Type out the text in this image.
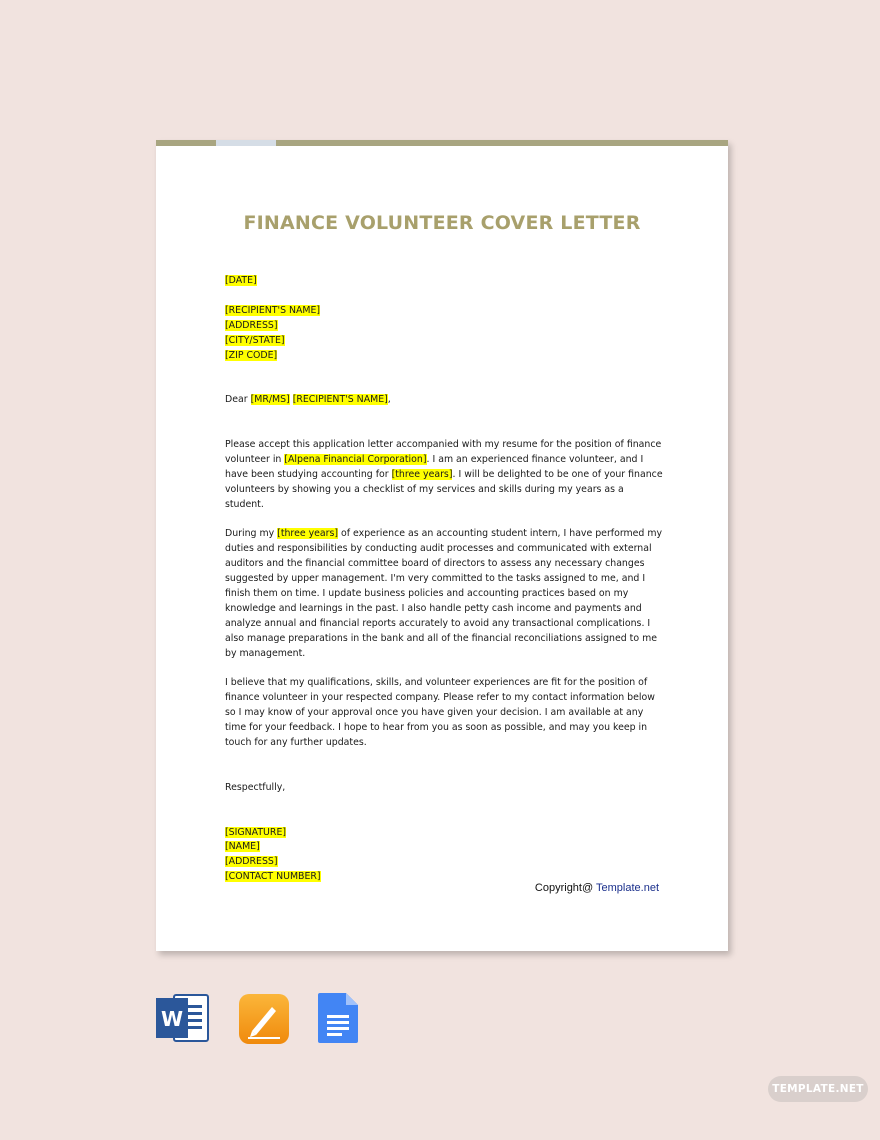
FINANCE VOLUNTEER COVER LETTER

[DATE]

[RECIPIENT'S NAME]
[ADDRESS]
[CITY/STATE]
[ZIP CODE]

Dear [MR/MS] [RECIPIENT'S NAME],

Please accept this application letter accompanied with my resume for the position of finance volunteer in [Alpena Financial Corporation]. I am an experienced finance volunteer, and I have been studying accounting for [three years]. I will be delighted to be one of your finance volunteers by showing you a checklist of my services and skills during my years as a student.

During my [three years] of experience as an accounting student intern, I have performed my duties and responsibilities by conducting audit processes and communicated with external auditors and the financial committee board of directors to assess any necessary changes suggested by upper management. I'm very committed to the tasks assigned to me, and I finish them on time. I update business policies and accounting practices based on my knowledge and learnings in the past. I also handle petty cash income and payments and analyze annual and financial reports accurately to avoid any transactional complications. I also manage preparations in the bank and all of the financial reconciliations assigned to me by management.

I believe that my qualifications, skills, and volunteer experiences are fit for the position of finance volunteer in your respected company. Please refer to my contact information below so I may know of your approval once you have given your decision. I am available at any time for your feedback. I hope to hear from you as soon as possible, and may you keep in touch for any further updates.

Respectfully,

[SIGNATURE]
[NAME]
[ADDRESS]
[CONTACT NUMBER]

Copyright@ Template.net
W
TEMPLATE.NET
